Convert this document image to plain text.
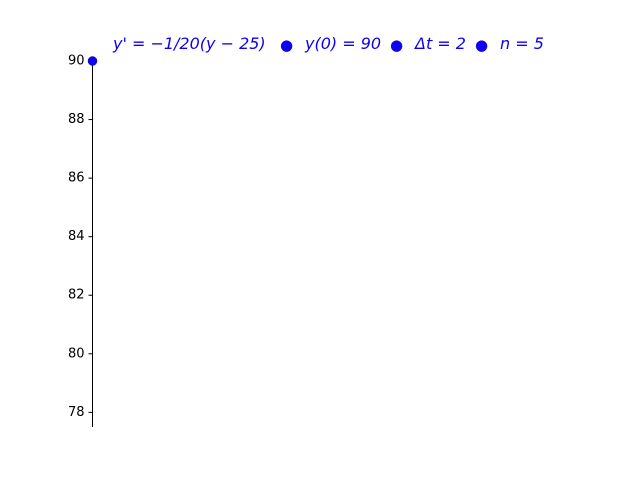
y' = −1/20(y − 25) ● y(0) = 90 ● Δt = 2 ● n = 5
90
88
86
84
82
80
78
